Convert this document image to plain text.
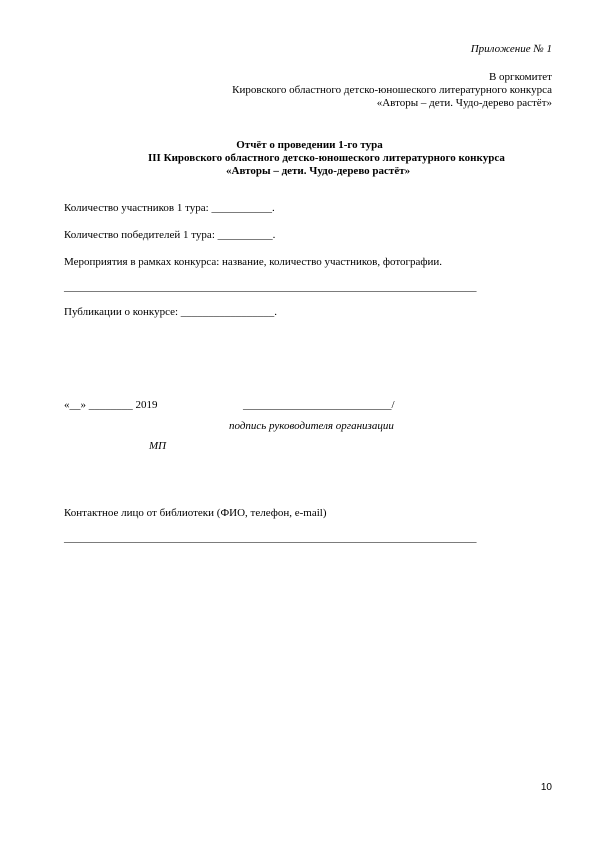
Приложение № 1
В оргкомитет
Кировского областного детско-юношеского литературного конкурса
«Авторы – дети. Чудо-дерево растёт»
Отчёт о проведении 1-го тура
III Кировского областного детско-юношеского литературного конкурса
«Авторы – дети. Чудо-дерево растёт»
Количество участников 1 тура: ___________.
Количество победителей 1 тура: __________.
Мероприятия в рамках конкурса: название, количество участников, фотографии.
___________________________________________________________________________
Публикации о конкурсе: _________________.
«__» ________ 2019	___________________________/
подпись руководителя организации
МП
Контактное лицо от библиотеки (ФИО, телефон, e-mail)
___________________________________________________________________________
10
